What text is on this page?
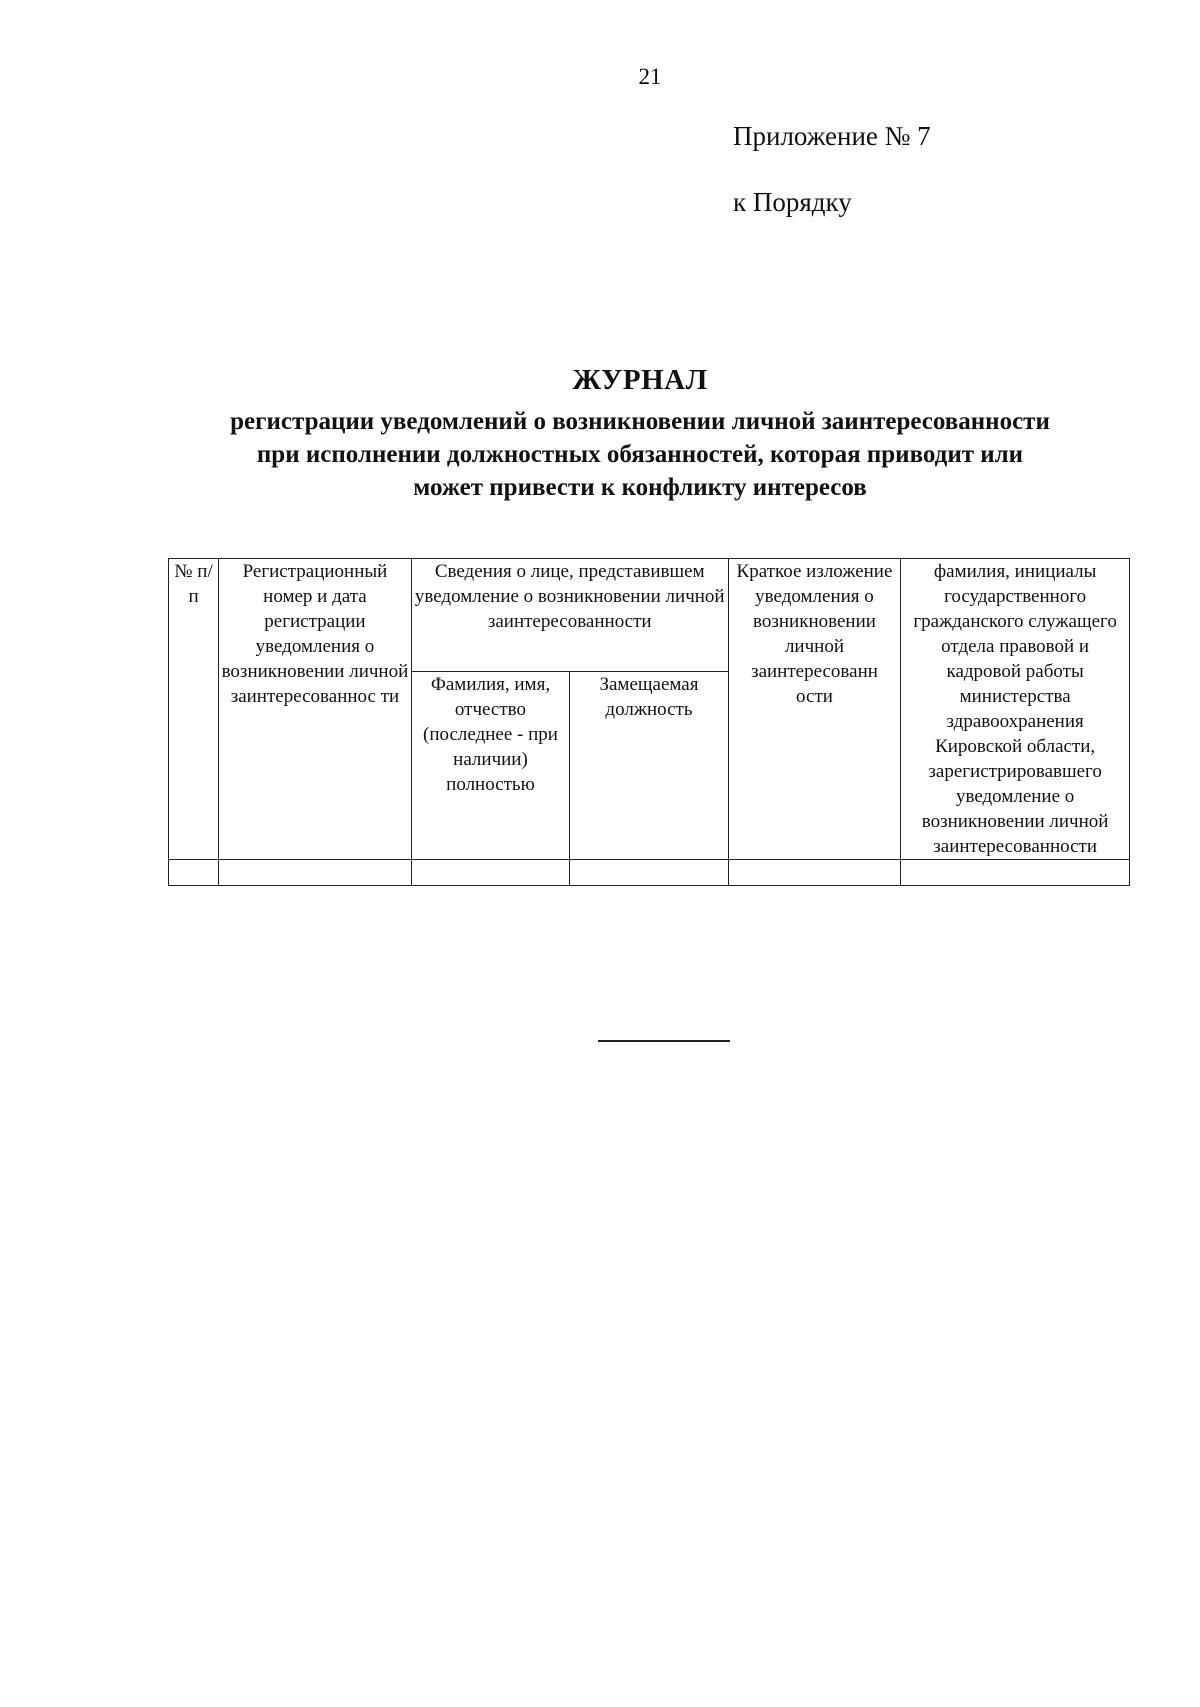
21
Приложение № 7
к Порядку
ЖУРНАЛ
регистрации уведомлений о возникновении личной заинтересованности
при исполнении должностных обязанностей, которая приводит или
может привести к конфликту интересов
№ п/п	Регистрационный номер и дата регистрации уведомления о возникновении личной заинтересованнос ти	Сведения о лице, представившем уведомление о возникновении личной заинтересованности		Краткое изложение уведомления о возникновении личной заинтересованн ости	фамилия, инициалы государственного гражданского служащего отдела правовой и кадровой работы министерства здравоохранения Кировской области, зарегистрировавшего уведомление о возникновении личной заинтересованности
		Фамилия, имя, отчество (последнее - при наличии) полностью	Замещаемая должность		
